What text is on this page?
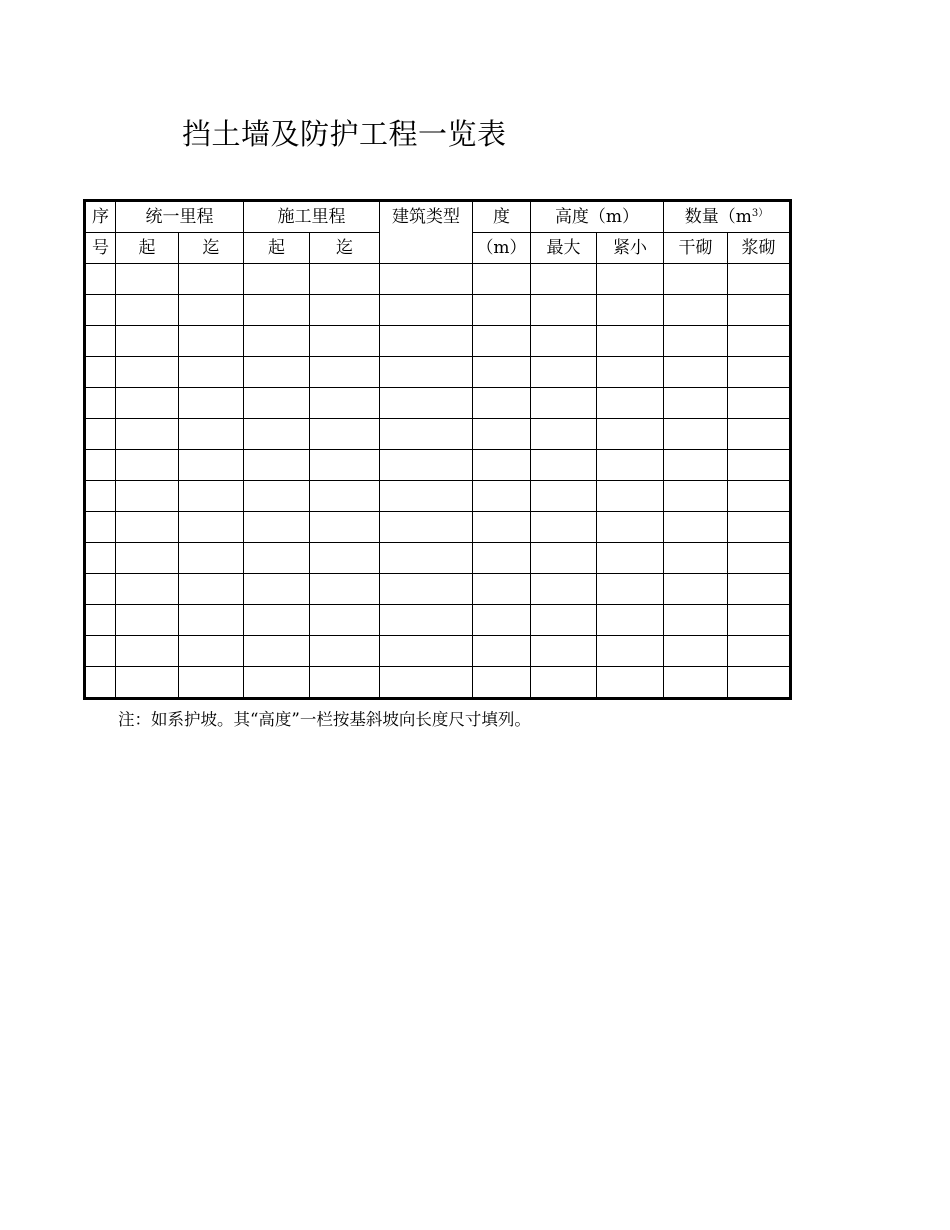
挡土墙及防护工程一览表
序	统一里程		施工里程		建筑类型	度	高度（m）		数量（$m^{3)}$
号	起	迄	起	迄		（m）	最大	紧小	干砌	浆砌

注：如系护坡。其“高度”一栏按基斜坡向长度尺寸填列。
